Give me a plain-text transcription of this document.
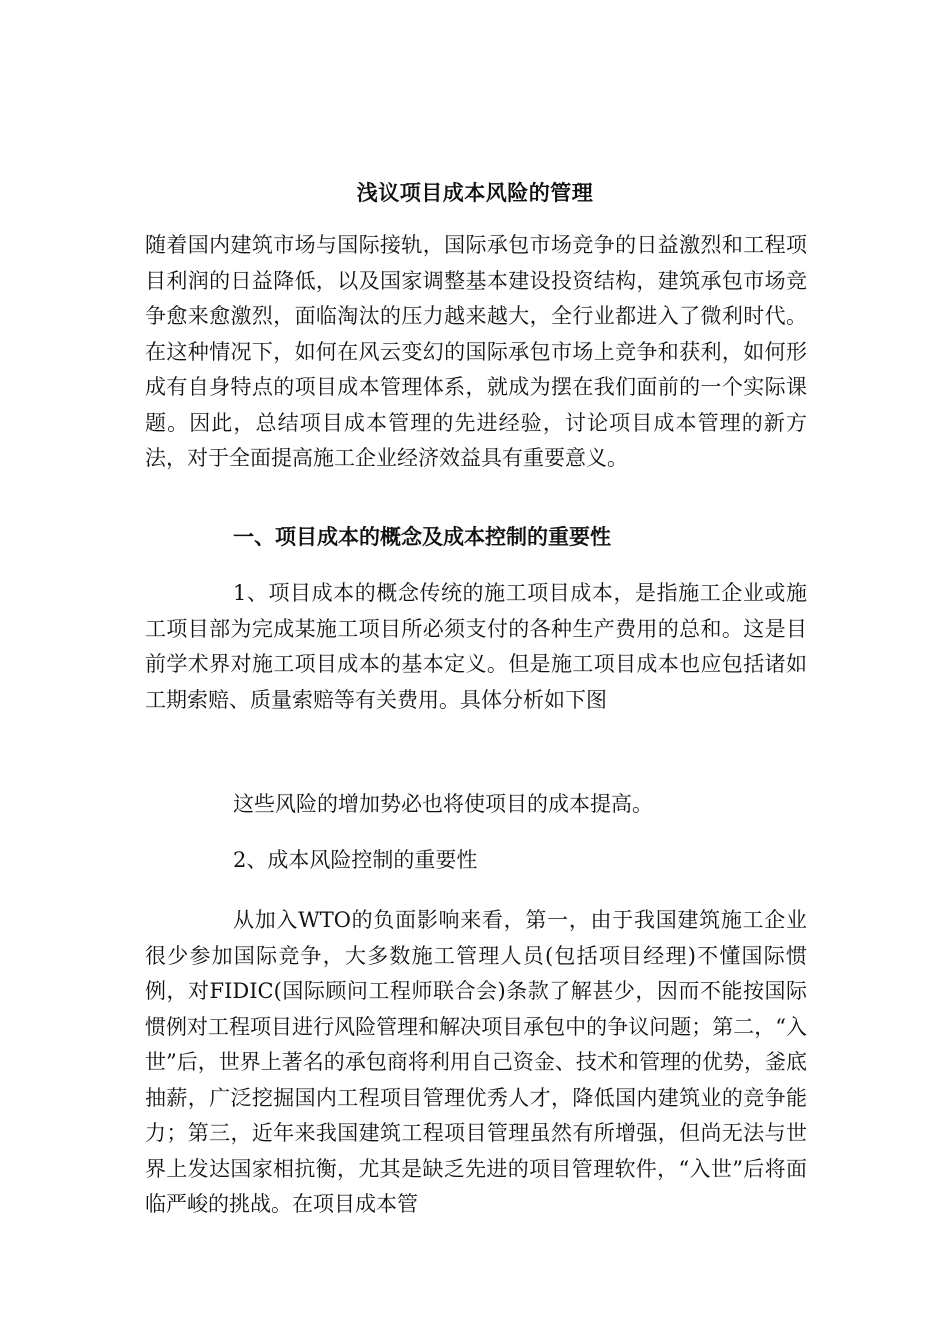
浅议项目成本风险的管理

随着国内建筑市场与国际接轨，国际承包市场竞争的日益激烈和工程项目利润的日益降低，以及国家调整基本建设投资结构，建筑承包市场竞争愈来愈激烈，面临淘汰的压力越来越大，全行业都进入了微利时代。在这种情况下，如何在风云变幻的国际承包市场上竞争和获利，如何形成有自身特点的项目成本管理体系，就成为摆在我们面前的一个实际课题。因此，总结项目成本管理的先进经验，讨论项目成本管理的新方法，对于全面提高施工企业经济效益具有重要意义。

一、项目成本的概念及成本控制的重要性

1、项目成本的概念传统的施工项目成本，是指施工企业或施工项目部为完成某施工项目所必须支付的各种生产费用的总和。这是目前学术界对施工项目成本的基本定义。但是施工项目成本也应包括诸如工期索赔、质量索赔等有关费用。具体分析如下图

这些风险的增加势必也将使项目的成本提高。
2、成本风险控制的重要性

从加入WTO的负面影响来看，第一，由于我国建筑施工企业很少参加国际竞争，大多数施工管理人员(包括项目经理)不懂国际惯例，对FIDIC(国际顾问工程师联合会)条款了解甚少，因而不能按国际惯例对工程项目进行风险管理和解决项目承包中的争议问题；第二，“入世”后，世界上著名的承包商将利用自己资金、技术和管理的优势，釜底抽薪，广泛挖掘国内工程项目管理优秀人才，降低国内建筑业的竞争能力；第三，近年来我国建筑工程项目管理虽然有所增强，但尚无法与世界上发达国家相抗衡，尤其是缺乏先进的项目管理软件，“入世”后将面临严峻的挑战。在项目成本管
